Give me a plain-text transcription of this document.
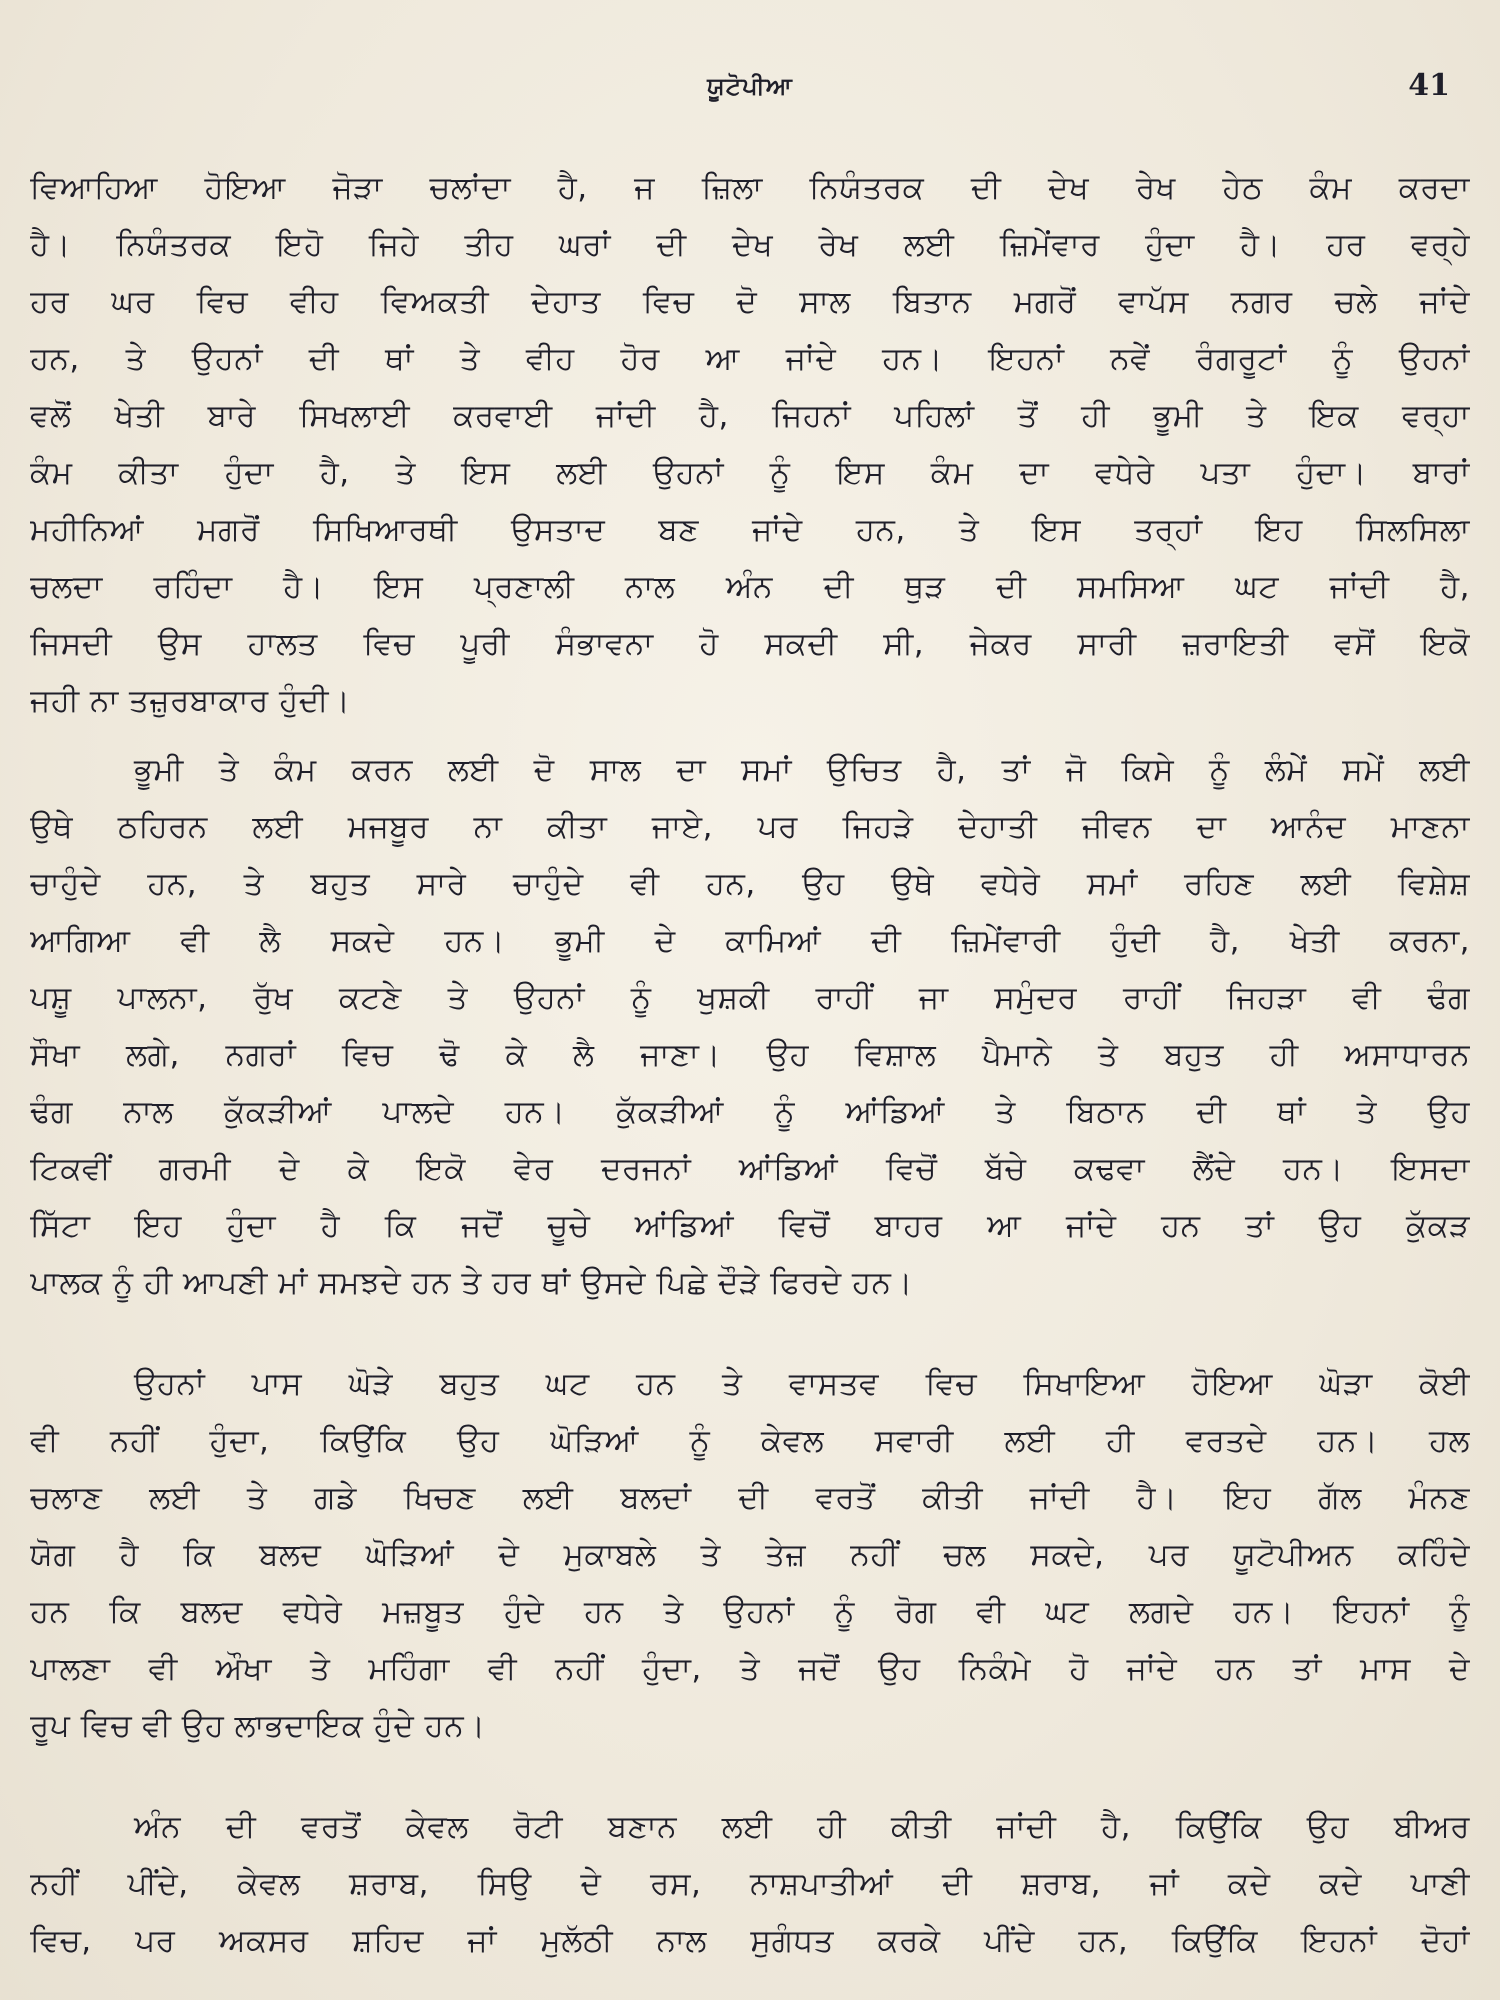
ਯੂਟੋਪੀਆ	41
ਵਿਆਹਿਆ ਹੋਇਆ ਜੋੜਾ ਚਲਾਂਦਾ ਹੈ, ਜ ਜ਼ਿਲਾ ਨਿਯੰਤਰਕ ਦੀ ਦੇਖ ਰੇਖ ਹੇਠ ਕੰਮ ਕਰਦਾ
ਹੈ। ਨਿਯੰਤਰਕ ਇਹੋ ਜਿਹੇ ਤੀਹ ਘਰਾਂ ਦੀ ਦੇਖ ਰੇਖ ਲਈ ਜ਼ਿਮੇਂਵਾਰ ਹੁੰਦਾ ਹੈ। ਹਰ ਵਰ੍ਹੇ
ਹਰ ਘਰ ਵਿਚ ਵੀਹ ਵਿਅਕਤੀ ਦੇਹਾਤ ਵਿਚ ਦੋ ਸਾਲ ਬਿਤਾਨ ਮਗਰੋਂ ਵਾਪੱਸ ਨਗਰ ਚਲੇ ਜਾਂਦੇ
ਹਨ, ਤੇ ਉਹਨਾਂ ਦੀ ਥਾਂ ਤੇ ਵੀਹ ਹੋਰ ਆ ਜਾਂਦੇ ਹਨ। ਇਹਨਾਂ ਨਵੇਂ ਰੰਗਰੂਟਾਂ ਨੂੰ ਉਹਨਾਂ
ਵਲੋਂ ਖੇਤੀ ਬਾਰੇ ਸਿਖਲਾਈ ਕਰਵਾਈ ਜਾਂਦੀ ਹੈ, ਜਿਹਨਾਂ ਪਹਿਲਾਂ ਤੋਂ ਹੀ ਭੂਮੀ ਤੇ ਇਕ ਵਰ੍ਹਾ
ਕੰਮ ਕੀਤਾ ਹੁੰਦਾ ਹੈ, ਤੇ ਇਸ ਲਈ ਉਹਨਾਂ ਨੂੰ ਇਸ ਕੰਮ ਦਾ ਵਧੇਰੇ ਪਤਾ ਹੁੰਦਾ। ਬਾਰਾਂ
ਮਹੀਨਿਆਂ ਮਗਰੋਂ ਸਿਖਿਆਰਥੀ ਉਸਤਾਦ ਬਣ ਜਾਂਦੇ ਹਨ, ਤੇ ਇਸ ਤਰ੍ਹਾਂ ਇਹ ਸਿਲਸਿਲਾ
ਚਲਦਾ ਰਹਿੰਦਾ ਹੈ। ਇਸ ਪ੍ਰਣਾਲੀ ਨਾਲ ਅੰਨ ਦੀ ਥੁੜ ਦੀ ਸਮਸਿਆ ਘਟ ਜਾਂਦੀ ਹੈ,
ਜਿਸਦੀ ਉਸ ਹਾਲਤ ਵਿਚ ਪੂਰੀ ਸੰਭਾਵਨਾ ਹੋ ਸਕਦੀ ਸੀ, ਜੇਕਰ ਸਾਰੀ ਜ਼ਰਾਇਤੀ ਵਸੋਂ ਇਕੋ
ਜਹੀ ਨਾ ਤਜ਼ੁਰਬਾਕਾਰ ਹੁੰਦੀ।
ਭੂਮੀ ਤੇ ਕੰਮ ਕਰਨ ਲਈ ਦੋ ਸਾਲ ਦਾ ਸਮਾਂ ਉਚਿਤ ਹੈ, ਤਾਂ ਜੋ ਕਿਸੇ ਨੂੰ ਲੰਮੇਂ ਸਮੇਂ ਲਈ
ਉਥੇ ਠਹਿਰਨ ਲਈ ਮਜਬੂਰ ਨਾ ਕੀਤਾ ਜਾਏ, ਪਰ ਜਿਹੜੇ ਦੇਹਾਤੀ ਜੀਵਨ ਦਾ ਆਨੰਦ ਮਾਣਨਾ
ਚਾਹੁੰਦੇ ਹਨ, ਤੇ ਬਹੁਤ ਸਾਰੇ ਚਾਹੁੰਦੇ ਵੀ ਹਨ, ਉਹ ਉਥੇ ਵਧੇਰੇ ਸਮਾਂ ਰਹਿਣ ਲਈ ਵਿਸ਼ੇਸ਼
ਆਗਿਆ ਵੀ ਲੈ ਸਕਦੇ ਹਨ। ਭੂਮੀ ਦੇ ਕਾਮਿਆਂ ਦੀ ਜ਼ਿਮੇਂਵਾਰੀ ਹੁੰਦੀ ਹੈ, ਖੇਤੀ ਕਰਨਾ,
ਪਸ਼ੂ ਪਾਲਨਾ, ਰੁੱਖ ਕਟਣੇ ਤੇ ਉਹਨਾਂ ਨੂੰ ਖੁਸ਼ਕੀ ਰਾਹੀਂ ਜਾ ਸਮੁੰਦਰ ਰਾਹੀਂ ਜਿਹੜਾ ਵੀ ਢੰਗ
ਸੌਖਾ ਲਗੇ, ਨਗਰਾਂ ਵਿਚ ਢੋ ਕੇ ਲੈ ਜਾਣਾ। ਉਹ ਵਿਸ਼ਾਲ ਪੈਮਾਨੇ ਤੇ ਬਹੁਤ ਹੀ ਅਸਾਧਾਰਨ
ਢੰਗ ਨਾਲ ਕੁੱਕੜੀਆਂ ਪਾਲਦੇ ਹਨ। ਕੁੱਕੜੀਆਂ ਨੂੰ ਆਂਡਿਆਂ ਤੇ ਬਿਠਾਨ ਦੀ ਥਾਂ ਤੇ ਉਹ
ਟਿਕਵੀਂ ਗਰਮੀ ਦੇ ਕੇ ਇਕੋ ਵੇਰ ਦਰਜਨਾਂ ਆਂਡਿਆਂ ਵਿਚੋਂ ਬੱਚੇ ਕਢਵਾ ਲੈਂਦੇ ਹਨ। ਇਸਦਾ
ਸਿੱਟਾ ਇਹ ਹੁੰਦਾ ਹੈ ਕਿ ਜਦੋਂ ਚੂਚੇ ਆਂਡਿਆਂ ਵਿਚੋਂ ਬਾਹਰ ਆ ਜਾਂਦੇ ਹਨ ਤਾਂ ਉਹ ਕੁੱਕੜ
ਪਾਲਕ ਨੂੰ ਹੀ ਆਪਣੀ ਮਾਂ ਸਮਝਦੇ ਹਨ ਤੇ ਹਰ ਥਾਂ ਉਸਦੇ ਪਿਛੇ ਦੌੜੇ ਫਿਰਦੇ ਹਨ।
ਉਹਨਾਂ ਪਾਸ ਘੋੜੇ ਬਹੁਤ ਘਟ ਹਨ ਤੇ ਵਾਸਤਵ ਵਿਚ ਸਿਖਾਇਆ ਹੋਇਆ ਘੋੜਾ ਕੋਈ
ਵੀ ਨਹੀਂ ਹੁੰਦਾ, ਕਿਉਂਕਿ ਉਹ ਘੋੜਿਆਂ ਨੂੰ ਕੇਵਲ ਸਵਾਰੀ ਲਈ ਹੀ ਵਰਤਦੇ ਹਨ। ਹਲ
ਚਲਾਣ ਲਈ ਤੇ ਗਡੇ ਖਿਚਣ ਲਈ ਬਲਦਾਂ ਦੀ ਵਰਤੋਂ ਕੀਤੀ ਜਾਂਦੀ ਹੈ। ਇਹ ਗੱਲ ਮੰਨਣ
ਯੋਗ ਹੈ ਕਿ ਬਲਦ ਘੋੜਿਆਂ ਦੇ ਮੁਕਾਬਲੇ ਤੇ ਤੇਜ਼ ਨਹੀਂ ਚਲ ਸਕਦੇ, ਪਰ ਯੂਟੋਪੀਅਨ ਕਹਿੰਦੇ
ਹਨ ਕਿ ਬਲਦ ਵਧੇਰੇ ਮਜ਼ਬੂਤ ਹੁੰਦੇ ਹਨ ਤੇ ਉਹਨਾਂ ਨੂੰ ਰੋਗ ਵੀ ਘਟ ਲਗਦੇ ਹਨ। ਇਹਨਾਂ ਨੂੰ
ਪਾਲਣਾ ਵੀ ਔਖਾ ਤੇ ਮਹਿੰਗਾ ਵੀ ਨਹੀਂ ਹੁੰਦਾ, ਤੇ ਜਦੋਂ ਉਹ ਨਿਕੰਮੇ ਹੋ ਜਾਂਦੇ ਹਨ ਤਾਂ ਮਾਸ ਦੇ
ਰੂਪ ਵਿਚ ਵੀ ਉਹ ਲਾਭਦਾਇਕ ਹੁੰਦੇ ਹਨ।
ਅੰਨ ਦੀ ਵਰਤੋਂ ਕੇਵਲ ਰੋਟੀ ਬਣਾਨ ਲਈ ਹੀ ਕੀਤੀ ਜਾਂਦੀ ਹੈ, ਕਿਉਂਕਿ ਉਹ ਬੀਅਰ
ਨਹੀਂ ਪੀਂਦੇ, ਕੇਵਲ ਸ਼ਰਾਬ, ਸਿਉ ਦੇ ਰਸ, ਨਾਸ਼ਪਾਤੀਆਂ ਦੀ ਸ਼ਰਾਬ, ਜਾਂ ਕਦੇ ਕਦੇ ਪਾਣੀ
ਵਿਚ, ਪਰ ਅਕਸਰ ਸ਼ਹਿਦ ਜਾਂ ਮੁਲੱਠੀ ਨਾਲ ਸੁਗੰਧਤ ਕਰਕੇ ਪੀਂਦੇ ਹਨ, ਕਿਉਂਕਿ ਇਹਨਾਂ ਦੋਹਾਂ
